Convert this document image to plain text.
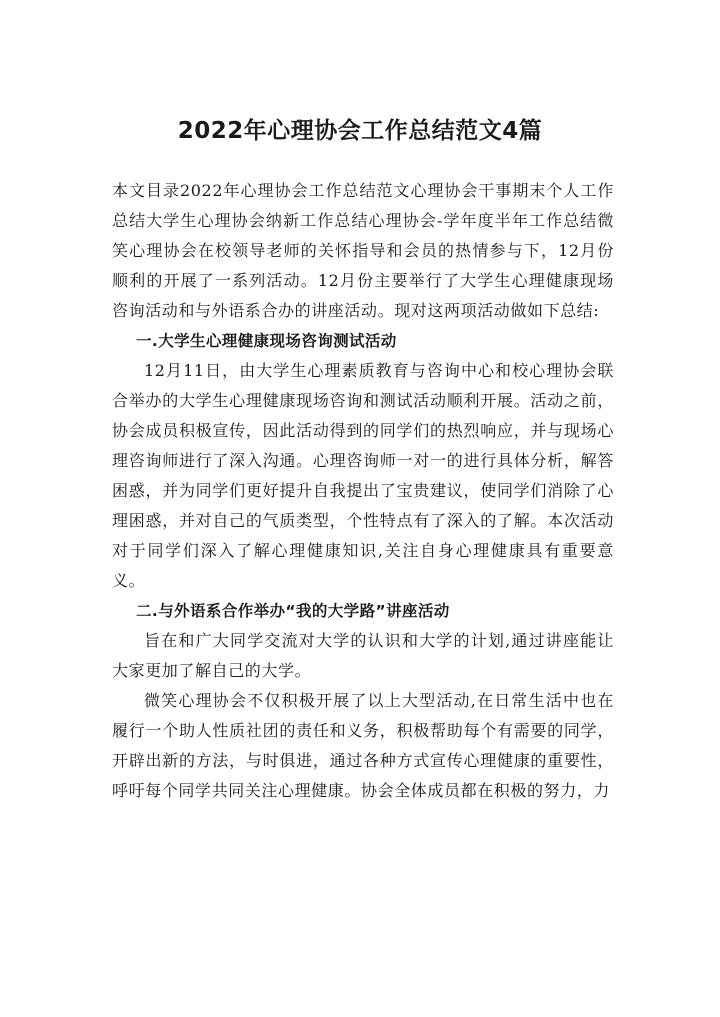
2022年心理协会工作总结范文4篇

本文目录2022年心理协会工作总结范文心理协会干事期末个人工作总结大学生心理协会纳新工作总结心理协会-学年度半年工作总结微笑心理协会在校领导老师的关怀指导和会员的热情参与下，12月份顺利的开展了一系列活动。12月份主要举行了大学生心理健康现场咨询活动和与外语系合办的讲座活动。现对这两项活动做如下总结:

一.大学生心理健康现场咨询测试活动

12月11日，由大学生心理素质教育与咨询中心和校心理协会联合举办的大学生心理健康现场咨询和测试活动顺利开展。活动之前，协会成员积极宣传，因此活动得到的同学们的热烈响应，并与现场心理咨询师进行了深入沟通。心理咨询师一对一的进行具体分析，解答困惑，并为同学们更好提升自我提出了宝贵建议，使同学们消除了心理困惑，并对自己的气质类型，个性特点有了深入的了解。本次活动对于同学们深入了解心理健康知识,关注自身心理健康具有重要意义。

二.与外语系合作举办“我的大学路”讲座活动

旨在和广大同学交流对大学的认识和大学的计划,通过讲座能让大家更加了解自己的大学。

微笑心理协会不仅积极开展了以上大型活动,在日常生活中也在履行一个助人性质社团的责任和义务，积极帮助每个有需要的同学，开辟出新的方法，与时俱进，通过各种方式宣传心理健康的重要性，呼吁每个同学共同关注心理健康。协会全体成员都在积极的努力，力
